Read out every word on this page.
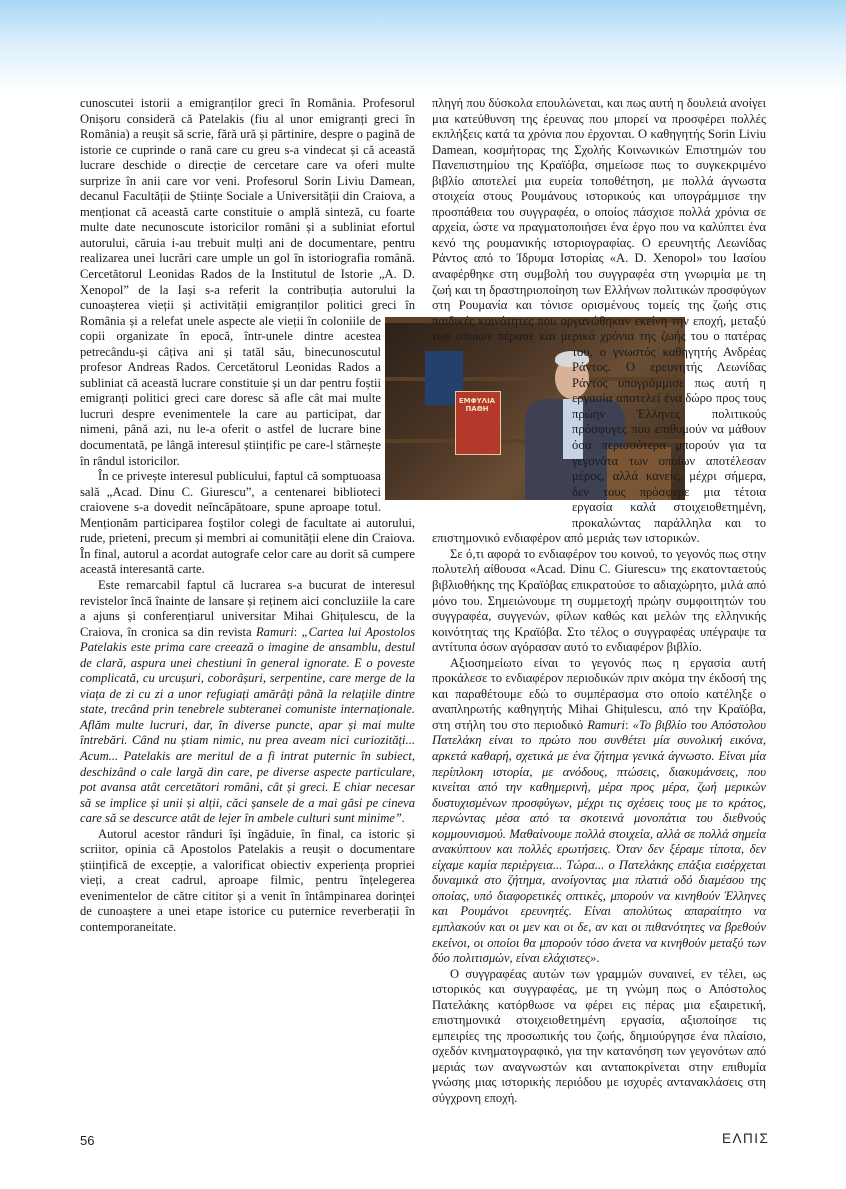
cunoscutei istorii a emigranților greci în România. Profesorul Onișoru consideră că Patelakis (fiu al unor emigranți greci în România) a reușit să scrie, fără ură și părtinire, despre o pagină de istorie ce cuprinde o rană care cu greu s-a vindecat și că această lucrare deschide o direcție de cercetare care va oferi multe surprize în anii care vor veni. Profesorul Sorin Liviu Damean, decanul Facultății de Științe Sociale a Universității din Craiova, a menționat că această carte constituie o amplă sinteză, cu foarte multe date necunoscute istoricilor români și a subliniat efortul autorului, căruia i-au trebuit mulți ani de documentare, pentru realizarea unei lucrări care umple un gol în istoriografia română. Cercetătorul Leonidas Rados de la Institutul de Istorie „A. D. Xenopol” de la Iași s-a referit la contribuția autorului la cunoașterea vieții și activității emigranților politici greci în România și
ΕΜΦΥΛΙΑ ΠΑΘΗ
a relefat unele aspecte ale vieții în coloniile de copii organizate în epocă, într-unele dintre acestea petrecându-și câțiva ani și tatăl său, binecunoscutul profesor Andreas Rados. Cercetătorul Leonidas Rados a subliniat că această lucrare constituie și un dar pentru foștii emigranți politici greci care doresc să afle cât mai multe lucruri despre evenimentele la care au participat, dar nimeni, până azi, nu le-a oferit o astfel de lucrare bine documentată, pe lângă interesul științific pe care-l stârnește în rândul istoricilor.

În ce privește interesul publicului, faptul că somptuoasa sală „Acad. Dinu C. Giurescu”, a centenarei biblioteci craiovene s-a dovedit neîncăpătoare, spune aproape totul. Menționăm participarea foștilor colegi de facultate ai autorului, rude, prieteni, precum și membri ai comunității elene din Craiova. În final, autorul a acordat autografe celor care au dorit să cumpere această interesantă carte.

Este remarcabil faptul că lucrarea s-a bucurat de interesul revistelor încă înainte de lansare și reținem aici concluziile la care a ajuns și conferențiarul universitar Mihai Ghițulescu, de la Craiova, în cronica sa din revista Ramuri: „Cartea lui Apostolos Patelakis este prima care creează o imagine de ansamblu, destul de clară, aspura unei chestiuni în general ignorate. E o poveste complicată, cu urcușuri, coborâșuri, serpentine, care merge de la viața de zi cu zi a unor refugiați amărâți până la relațiile dintre state, trecând prin tenebrele subteranei comuniste internaționale. Aflăm multe lucruri, dar, în diverse puncte, apar și mai multe întrebări. Când nu știam nimic, nu prea aveam nici curiozități... Acum... Patelakis are meritul de a fi intrat puternic în subiect, deschizând o cale largă din care, pe diverse aspecte particulare, pot avansa atât cercetători români, cât și greci. E chiar necesar să se implice și unii și alții, căci șansele de a mai găsi pe cineva care să se descurce atât de lejer în ambele culturi sunt minime”.

Autorul acestor rânduri își îngăduie, în final, ca istoric și scriitor, opinia că Apostolos Patelakis a reușit o documentare științifică de excepție, a valorificat obiectiv experiența propriei vieți, a creat cadrul, aproape filmic, pentru înțelegerea evenimentelor de către cititor și a venit în întâmpinarea dorinței de cunoaștere a unei etape istorice cu puternice reverberații în contemporaneitate.

πληγή που δύσκολα επουλώνεται, και πως αυτή η δουλειά ανοίγει μια κατεύθυνση της έρευνας που μπορεί να προσφέρει πολλές εκπλήξεις κατά τα χρόνια που έρχονται. Ο καθηγητής Sorin Liviu Damean, κοσμήτορας της Σχολής Κοινωνικών Επιστημών του Πανεπιστημίου της Κραϊόβα, σημείωσε πως το συγκεκριμένο βιβλίο αποτελεί μια ευρεία τοποθέτηση, με πολλά άγνωστα στοιχεία στους Ρουμάνους ιστορικούς και υπογράμμισε την προσπάθεια του συγγραφέα, ο οποίος πάσχισε πολλά χρόνια σε αρχεία, ώστε να πραγματοποιήσει ένα έργο που να καλύπτει ένα κενό της ρουμανικής ιστοριογραφίας. Ο ερευνητής Λεωνίδας Ράντος από το Ίδρυμα Ιστορίας «A. D. Xenopol» του Ιασίου αναφέρθηκε στη συμβολή του συγγραφέα στη γνωριμία με τη ζωή και τη δραστηριοποίηση των Ελλήνων πολιτικών προσφύγων στη Ρουμανία και τόνισε ορισμένους τομείς της ζωής στις παιδικές κοινότητες που οργανώθηκαν εκείνη την εποχή, μεταξύ των οποίων πέρασε και μερικά χρόνια της ζωής του ο πατέρας του, ο γνωστός καθηγητής Ανδρέας Ράντος. Ο ερευνητής Λεωνίδας Ράντος υπογράμμισε πως αυτή η εργασία αποτελεί ένα δώρο προς τους πρώην Έλληνες πολιτικούς πρόσφυγες που επιθυμούν να μάθουν όσα περισσότερα μπορούν για τα γεγονότα των οποίων αποτέλεσαν μέρος, αλλά κανείς, μέχρι σήμερα, δεν τους πρόσφερε μια τέτοια εργασία καλά στοιχειοθετημένη, προκαλώντας παράλληλα και το επιστημονικό ενδιαφέρον από μεριάς των ιστορικών.

Σε ό,τι αφορά το ενδιαφέρον του κοινού, το γεγονός πως στην πολυτελή αίθουσα «Acad. Dinu C. Giurescu» της εκατονταετούς βιβλιοθήκης της Κραϊόβας επικρατούσε το αδιαχώρητο, μιλά από μόνο του. Σημειώνουμε τη συμμετοχή πρώην συμφοιτητών του συγγραφέα, συγγενών, φίλων καθώς και μελών της ελληνικής κοινότητας της Κραϊόβα. Στο τέλος ο συγγραφέας υπέγραψε τα αντίτυπα όσων αγόρασαν αυτό το ενδιαφέρον βιβλίο.

Αξιοσημείωτο είναι το γεγονός πως η εργασία αυτή προκάλεσε το ενδιαφέρον περιοδικών πριν ακόμα την έκδοσή της και παραθέτουμε εδώ το συμπέρασμα στο οποίο κατέληξε ο αναπληρωτής καθηγητής Mihai Ghițulescu, από την Κραϊόβα, στη στήλη του στο περιοδικό Ramuri: «Το βιβλίο του Απόστολου Πατελάκη είναι το πρώτο που συνθέτει μία συνολική εικόνα, αρκετά καθαρή, σχετικά με ένα ζήτημα γενικά άγνωστο. Είναι μία περίπλοκη ιστορία, με ανόδους, πτώσεις, διακυμάνσεις, που κινείται από την καθημερινή, μέρα προς μέρα, ζωή μερικών δυστυχισμένων προσφύγων, μέχρι τις σχέσεις τους με το κράτος, περνώντας μέσα από τα σκοτεινά μονοπάτια του διεθνούς κομμουνισμού. Μαθαίνουμε πολλά στοιχεία, αλλά σε πολλά σημεία ανακύπτουν και πολλές ερωτήσεις. Όταν δεν ξέραμε τίποτα, δεν είχαμε καμία περιέργεια... Τώρα... ο Πατελάκης επάξια εισέρχεται δυναμικά στο ζήτημα, ανοίγοντας μια πλατιά οδό διαμέσου της οποίας, υπό διαφορετικές οπτικές, μπορούν να κινηθούν Έλληνες και Ρουμάνοι ερευνητές. Είναι απολύτως απαραίτητο να εμπλακούν και οι μεν και οι δε, αν και οι πιθανότητες να βρεθούν εκείνοι, οι οποίοι θα μπορούν τόσο άνετα να κινηθούν μεταξύ των δύο πολιτισμών, είναι ελάχιστες».

Ο συγγραφέας αυτών των γραμμών συναινεί, εν τέλει, ως ιστορικός και συγγραφέας, με τη γνώμη πως ο Απόστολος Πατελάκης κατόρθωσε να φέρει εις πέρας μια εξαιρετική, επιστημονικά στοιχειοθετημένη εργασία, αξιοποίησε τις εμπειρίες της προσωπικής του ζωής, δημιούργησε ένα πλαίσιο, σχεδόν κινηματογραφικό, για την κατανόηση των γεγονότων από μεριάς των αναγνωστών και ανταποκρίνεται στην επιθυμία γνώσης μιας ιστορικής περιόδου με ισχυρές αντανακλάσεις στη σύγχρονη εποχή.

56	ΕΛΠΙΣ
